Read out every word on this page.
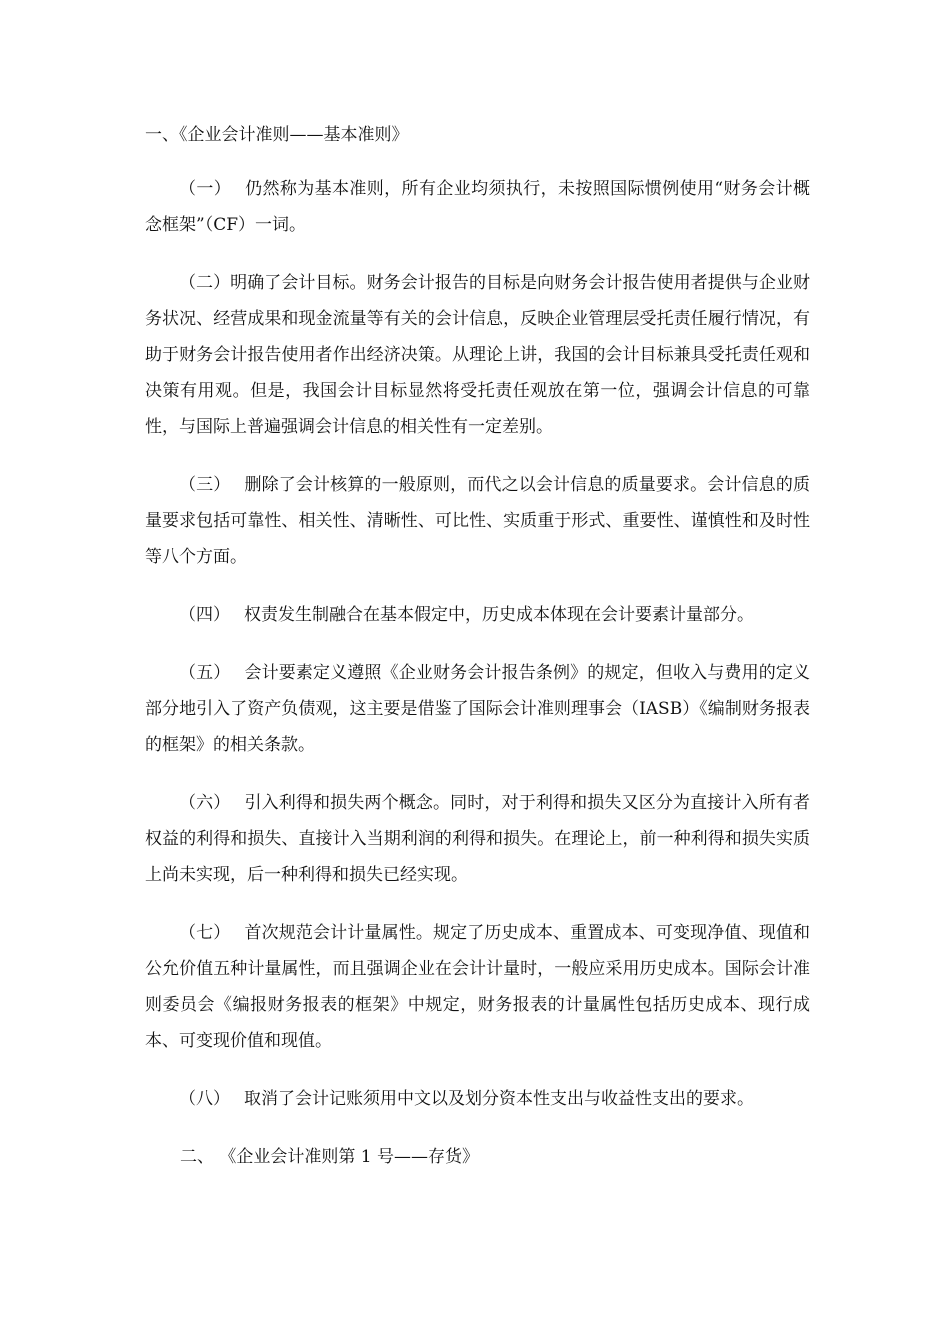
一、《企业会计准则——基本准则》

（一） 仍然称为基本准则，所有企业均须执行，未按照国际惯例使用“财务会计概念框架”（CF）一词。

（二）明确了会计目标。财务会计报告的目标是向财务会计报告使用者提供与企业财务状况、经营成果和现金流量等有关的会计信息，反映企业管理层受托责任履行情况，有助于财务会计报告使用者作出经济决策。从理论上讲，我国的会计目标兼具受托责任观和决策有用观。但是，我国会计目标显然将受托责任观放在第一位，强调会计信息的可靠性，与国际上普遍强调会计信息的相关性有一定差别。

（三） 删除了会计核算的一般原则，而代之以会计信息的质量要求。会计信息的质量要求包括可靠性、相关性、清晰性、可比性、实质重于形式、重要性、谨慎性和及时性等八个方面。

（四） 权责发生制融合在基本假定中，历史成本体现在会计要素计量部分。

（五） 会计要素定义遵照《企业财务会计报告条例》的规定，但收入与费用的定义部分地引入了资产负债观，这主要是借鉴了国际会计准则理事会（IASB）《编制财务报表的框架》的相关条款。

（六） 引入利得和损失两个概念。同时，对于利得和损失又区分为直接计入所有者权益的利得和损失、直接计入当期利润的利得和损失。在理论上，前一种利得和损失实质上尚未实现，后一种利得和损失已经实现。

（七） 首次规范会计计量属性。规定了历史成本、重置成本、可变现净值、现值和公允价值五种计量属性，而且强调企业在会计计量时，一般应采用历史成本。国际会计准则委员会《编报财务报表的框架》中规定，财务报表的计量属性包括历史成本、现行成本、可变现价值和现值。

（八） 取消了会计记账须用中文以及划分资本性支出与收益性支出的要求。

二、 《企业会计准则第 1 号——存货》
